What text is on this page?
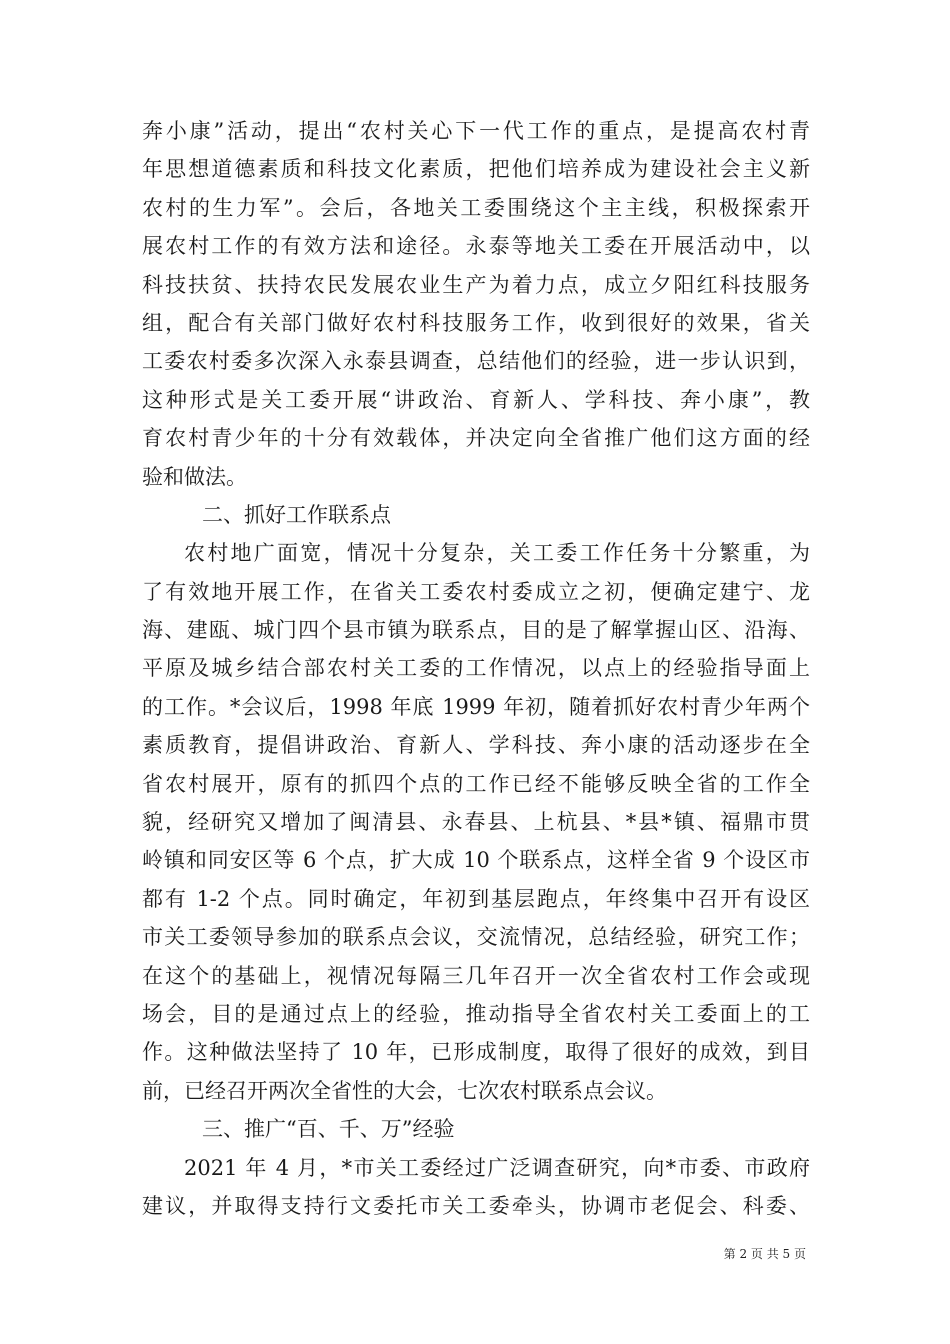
奔小康”活动，提出“农村关心下一代工作的重点，是提高农村青
年思想道德素质和科技文化素质，把他们培养成为建设社会主义新
农村的生力军”。会后，各地关工委围绕这个主主线，积极探索开
展农村工作的有效方法和途径。永泰等地关工委在开展活动中，以
科技扶贫、扶持农民发展农业生产为着力点，成立夕阳红科技服务
组，配合有关部门做好农村科技服务工作，收到很好的效果，省关
工委农村委多次深入永泰县调查，总结他们的经验，进一步认识到，
这种形式是关工委开展“讲政治、育新人、学科技、奔小康”，教
育农村青少年的十分有效载体，并决定向全省推广他们这方面的经
验和做法。
二、抓好工作联系点
农村地广面宽，情况十分复杂，关工委工作任务十分繁重，为
了有效地开展工作，在省关工委农村委成立之初，便确定建宁、龙
海、建瓯、城门四个县市镇为联系点，目的是了解掌握山区、沿海、
平原及城乡结合部农村关工委的工作情况，以点上的经验指导面上
的工作。*会议后，1998 年底 1999 年初，随着抓好农村青少年两个
素质教育，提倡讲政治、育新人、学科技、奔小康的活动逐步在全
省农村展开，原有的抓四个点的工作已经不能够反映全省的工作全
貌，经研究又增加了闽清县、永春县、上杭县、*县*镇、福鼎市贯
岭镇和同安区等 6 个点，扩大成 10 个联系点，这样全省 9 个设区市
都有 1-2 个点。同时确定，年初到基层跑点，年终集中召开有设区
市关工委领导参加的联系点会议，交流情况，总结经验，研究工作；
在这个的基础上，视情况每隔三几年召开一次全省农村工作会或现
场会，目的是通过点上的经验，推动指导全省农村关工委面上的工
作。这种做法坚持了 10 年，已形成制度，取得了很好的成效，到目
前，已经召开两次全省性的大会，七次农村联系点会议。
三、推广“百、千、万”经验
2021 年 4 月，*市关工委经过广泛调查研究，向*市委、市政府
建议，并取得支持行文委托市关工委牵头，协调市老促会、科委、
第 2 页 共 5 页
